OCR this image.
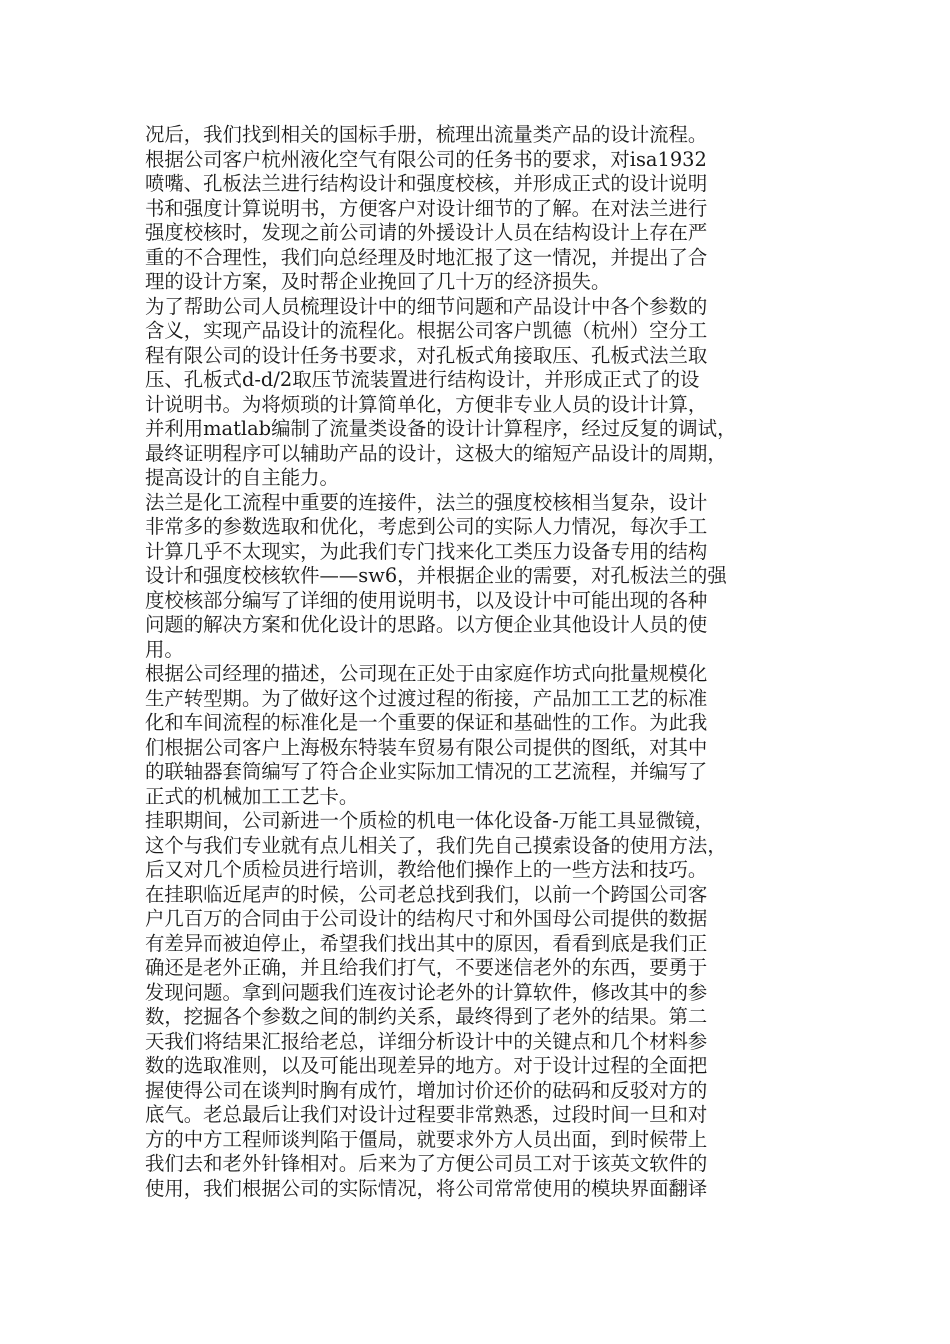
况后，我们找到相关的国标手册，梳理出流量类产品的设计流程。
根据公司客户杭州液化空气有限公司的任务书的要求，对isa1932
喷嘴、孔板法兰进行结构设计和强度校核，并形成正式的设计说明
书和强度计算说明书，方便客户对设计细节的了解。在对法兰进行
强度校核时，发现之前公司请的外援设计人员在结构设计上存在严
重的不合理性，我们向总经理及时地汇报了这一情况，并提出了合
理的设计方案，及时帮企业挽回了几十万的经济损失。
为了帮助公司人员梳理设计中的细节问题和产品设计中各个参数的
含义，实现产品设计的流程化。根据公司客户凯德（杭州）空分工
程有限公司的设计任务书要求，对孔板式角接取压、孔板式法兰取
压、孔板式d-d/2取压节流装置进行结构设计，并形成正式了的设
计说明书。为将烦琐的计算简单化，方便非专业人员的设计计算，
并利用matlab编制了流量类设备的设计计算程序，经过反复的调试，
最终证明程序可以辅助产品的设计，这极大的缩短产品设计的周期，
提高设计的自主能力。
法兰是化工流程中重要的连接件，法兰的强度校核相当复杂，设计
非常多的参数选取和优化，考虑到公司的实际人力情况，每次手工
计算几乎不太现实，为此我们专门找来化工类压力设备专用的结构
设计和强度校核软件——sw6，并根据企业的需要，对孔板法兰的强
度校核部分编写了详细的使用说明书，以及设计中可能出现的各种
问题的解决方案和优化设计的思路。以方便企业其他设计人员的使
用。
根据公司经理的描述，公司现在正处于由家庭作坊式向批量规模化
生产转型期。为了做好这个过渡过程的衔接，产品加工工艺的标准
化和车间流程的标准化是一个重要的保证和基础性的工作。为此我
们根据公司客户上海极东特装车贸易有限公司提供的图纸，对其中
的联轴器套筒编写了符合企业实际加工情况的工艺流程，并编写了
正式的机械加工工艺卡。
挂职期间，公司新进一个质检的机电一体化设备-万能工具显微镜，
这个与我们专业就有点儿相关了，我们先自己摸索设备的使用方法，
后又对几个质检员进行培训，教给他们操作上的一些方法和技巧。
在挂职临近尾声的时候，公司老总找到我们，以前一个跨国公司客
户几百万的合同由于公司设计的结构尺寸和外国母公司提供的数据
有差异而被迫停止，希望我们找出其中的原因，看看到底是我们正
确还是老外正确，并且给我们打气，不要迷信老外的东西，要勇于
发现问题。拿到问题我们连夜讨论老外的计算软件，修改其中的参
数，挖掘各个参数之间的制约关系，最终得到了老外的结果。第二
天我们将结果汇报给老总，详细分析设计中的关键点和几个材料参
数的选取准则，以及可能出现差异的地方。对于设计过程的全面把
握使得公司在谈判时胸有成竹，增加讨价还价的砝码和反驳对方的
底气。老总最后让我们对设计过程要非常熟悉，过段时间一旦和对
方的中方工程师谈判陷于僵局，就要求外方人员出面，到时候带上
我们去和老外针锋相对。后来为了方便公司员工对于该英文软件的
使用，我们根据公司的实际情况，将公司常常使用的模块界面翻译
